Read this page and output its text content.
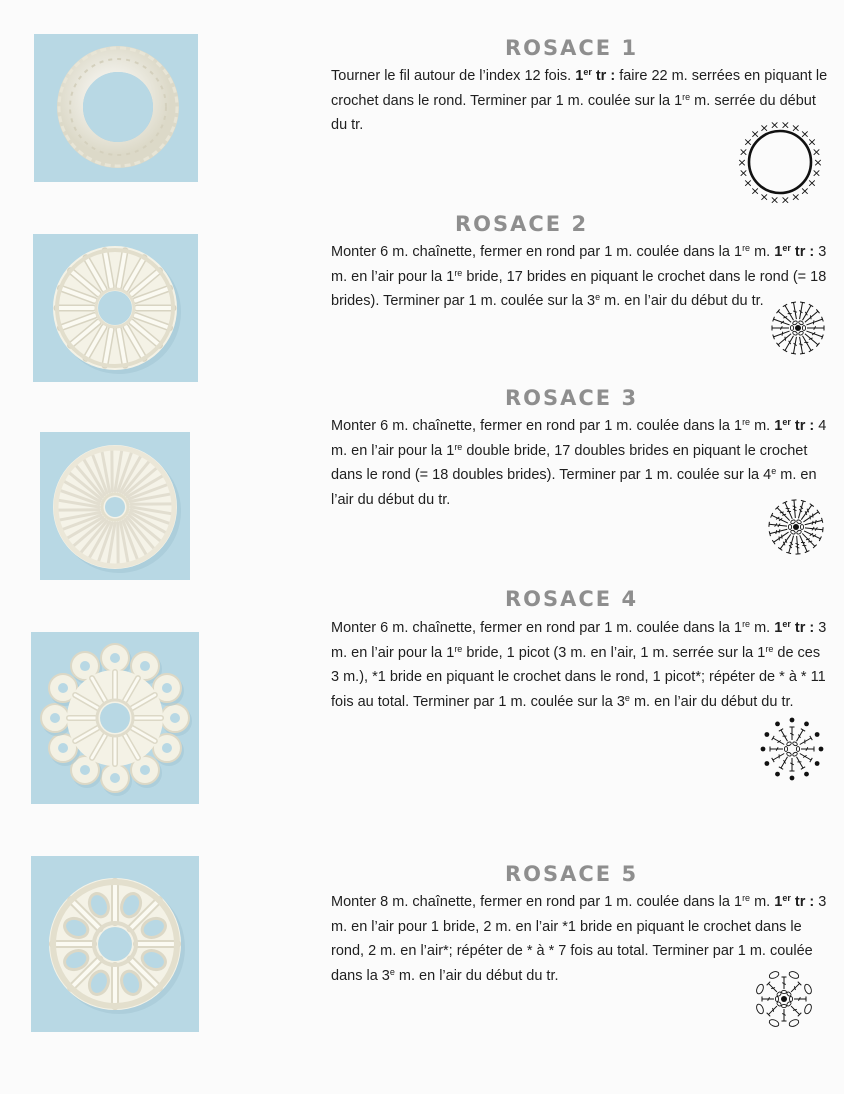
ROSACE 1

Tourner le fil autour de l’index 12 fois. 1er tr : faire 22 m. serrées en piquant le crochet dans le rond. Terminer par 1 m. coulée sur la 1re m. serrée du début du tr.

×
×
×
×
×
×
×
×
×
×
×
×
×
×
× × × × × ×
×
×
ROSACE 2

Monter 6 m. chaînette, fermer en rond par 1 m. coulée dans la 1re m. 1er tr : 3 m. en l’air pour la 1re bride, 17 brides en piquant le crochet dans le rond (= 18 brides). Terminer par 1 m. coulée sur la 3e m. en l’air du début du tr.

ROSACE 3

Monter 6 m. chaînette, fermer en rond par 1 m. coulée dans la 1re m. 1er tr : 4 m. en l’air pour la 1re double bride, 17 doubles brides en piquant le crochet dans le rond (= 18 doubles brides). Terminer par 1 m. coulée sur la 4e m. en l’air du début du tr.

ROSACE 4

Monter 6 m. chaînette, fermer en rond par 1 m. coulée dans la 1re m. 1er tr : 3 m. en l’air pour la 1re bride, 1 picot (3 m. en l’air, 1 m. serrée sur la 1re de ces 3 m.), *1 bride en piquant le crochet dans le rond, 1 picot*; répéter de * à * 11 fois au total. Terminer par 1 m. coulée sur la 3e m. en l’air du début du tr.

ROSACE 5

Monter 8 m. chaînette, fermer en rond par 1 m. coulée dans la 1re m. 1er tr : 3 m. en l’air pour 1 bride, 2 m. en l’air *1 bride en piquant le crochet dans le rond, 2 m. en l’air*; répéter de * à * 7 fois au total. Terminer par 1 m. coulée dans la 3e m. en l’air du début du tr.
